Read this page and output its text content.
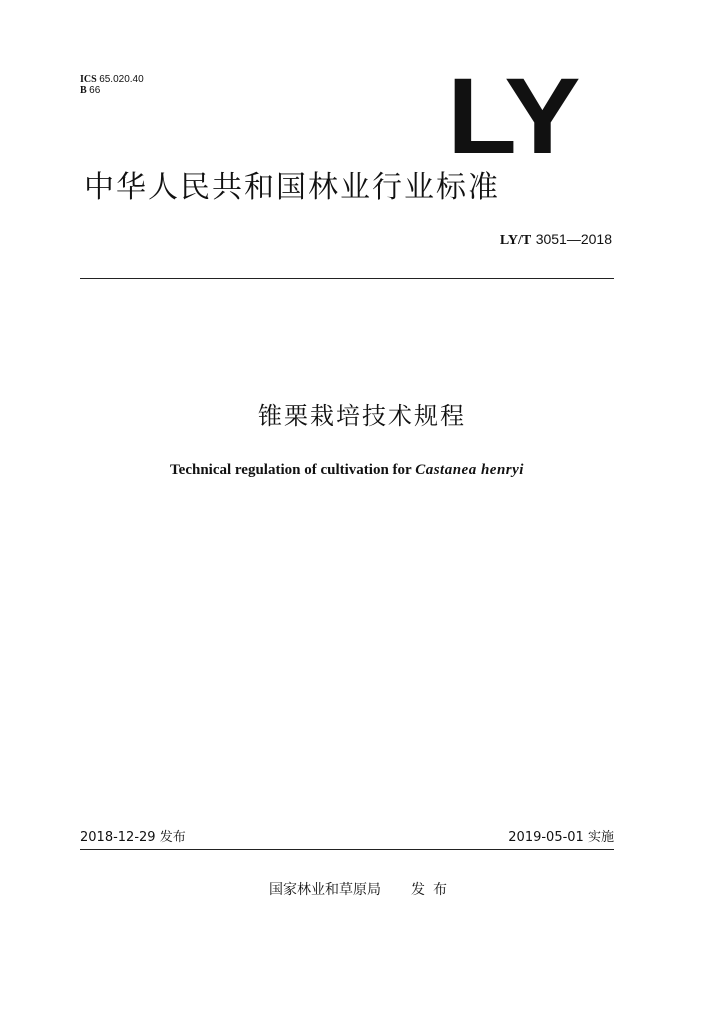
ICS 65.020.40
B 66	LY
中华人民共和国林业行业标准
LY/T 3051—2018
锥栗栽培技术规程
Technical regulation of cultivation for Castanea henryi
2018-12-29 发布	2019-05-01 实施
国家林业和草原局 发布
